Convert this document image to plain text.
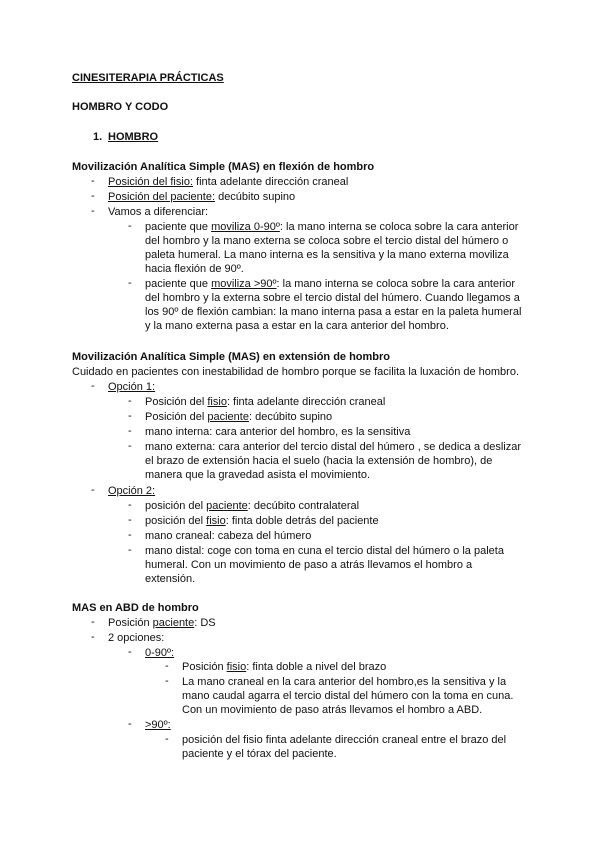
CINESITERAPIA PRÁCTICAS
HOMBRO Y CODO
1. HOMBRO
Movilización Analítica Simple (MAS) en flexión de hombro
- Posición del fisio: finta adelante dirección craneal
- Posición del paciente: decúbito supino
- Vamos a diferenciar:
- paciente que moviliza 0-90º: la mano interna se coloca sobre la cara anterior
del hombro y la mano externa se coloca sobre el tercio distal del húmero o
paleta humeral. La mano interna es la sensitiva y la mano externa moviliza
hacia flexión de 90º.
- paciente que moviliza >90º: la mano interna se coloca sobre la cara anterior
del hombro y la externa sobre el tercio distal del húmero. Cuando llegamos a
los 90º de flexión cambian: la mano interna pasa a estar en la paleta humeral
y la mano externa pasa a estar en la cara anterior del hombro.
Movilización Analítica Simple (MAS) en extensión de hombro
Cuidado en pacientes con inestabilidad de hombro porque se facilita la luxación de hombro.
- Opción 1:
- Posición del fisio: finta adelante dirección craneal
- Posición del paciente: decúbito supino
- mano interna: cara anterior del hombro, es la sensitiva
- mano externa: cara anterior del tercio distal del húmero , se dedica a deslizar
el brazo de extensión hacia el suelo (hacia la extensión de hombro), de
manera que la gravedad asista el movimiento.
- Opción 2:
- posición del paciente: decúbito contralateral
- posición del fisio: finta doble detrás del paciente
- mano craneal: cabeza del húmero
- mano distal: coge con toma en cuna el tercio distal del húmero o la paleta
humeral. Con un movimiento de paso a atrás llevamos el hombro a
extensión.
MAS en ABD de hombro
- Posición paciente: DS
- 2 opciones:
- 0-90º:
- Posición fisio: finta doble a nivel del brazo
- La mano craneal en la cara anterior del hombro,es la sensitiva y la
mano caudal agarra el tercio distal del húmero con la toma en cuna.
Con un movimiento de paso atrás llevamos el hombro a ABD.
- >90º:
- posición del fisio finta adelante dirección craneal entre el brazo del
paciente y el tórax del paciente.
